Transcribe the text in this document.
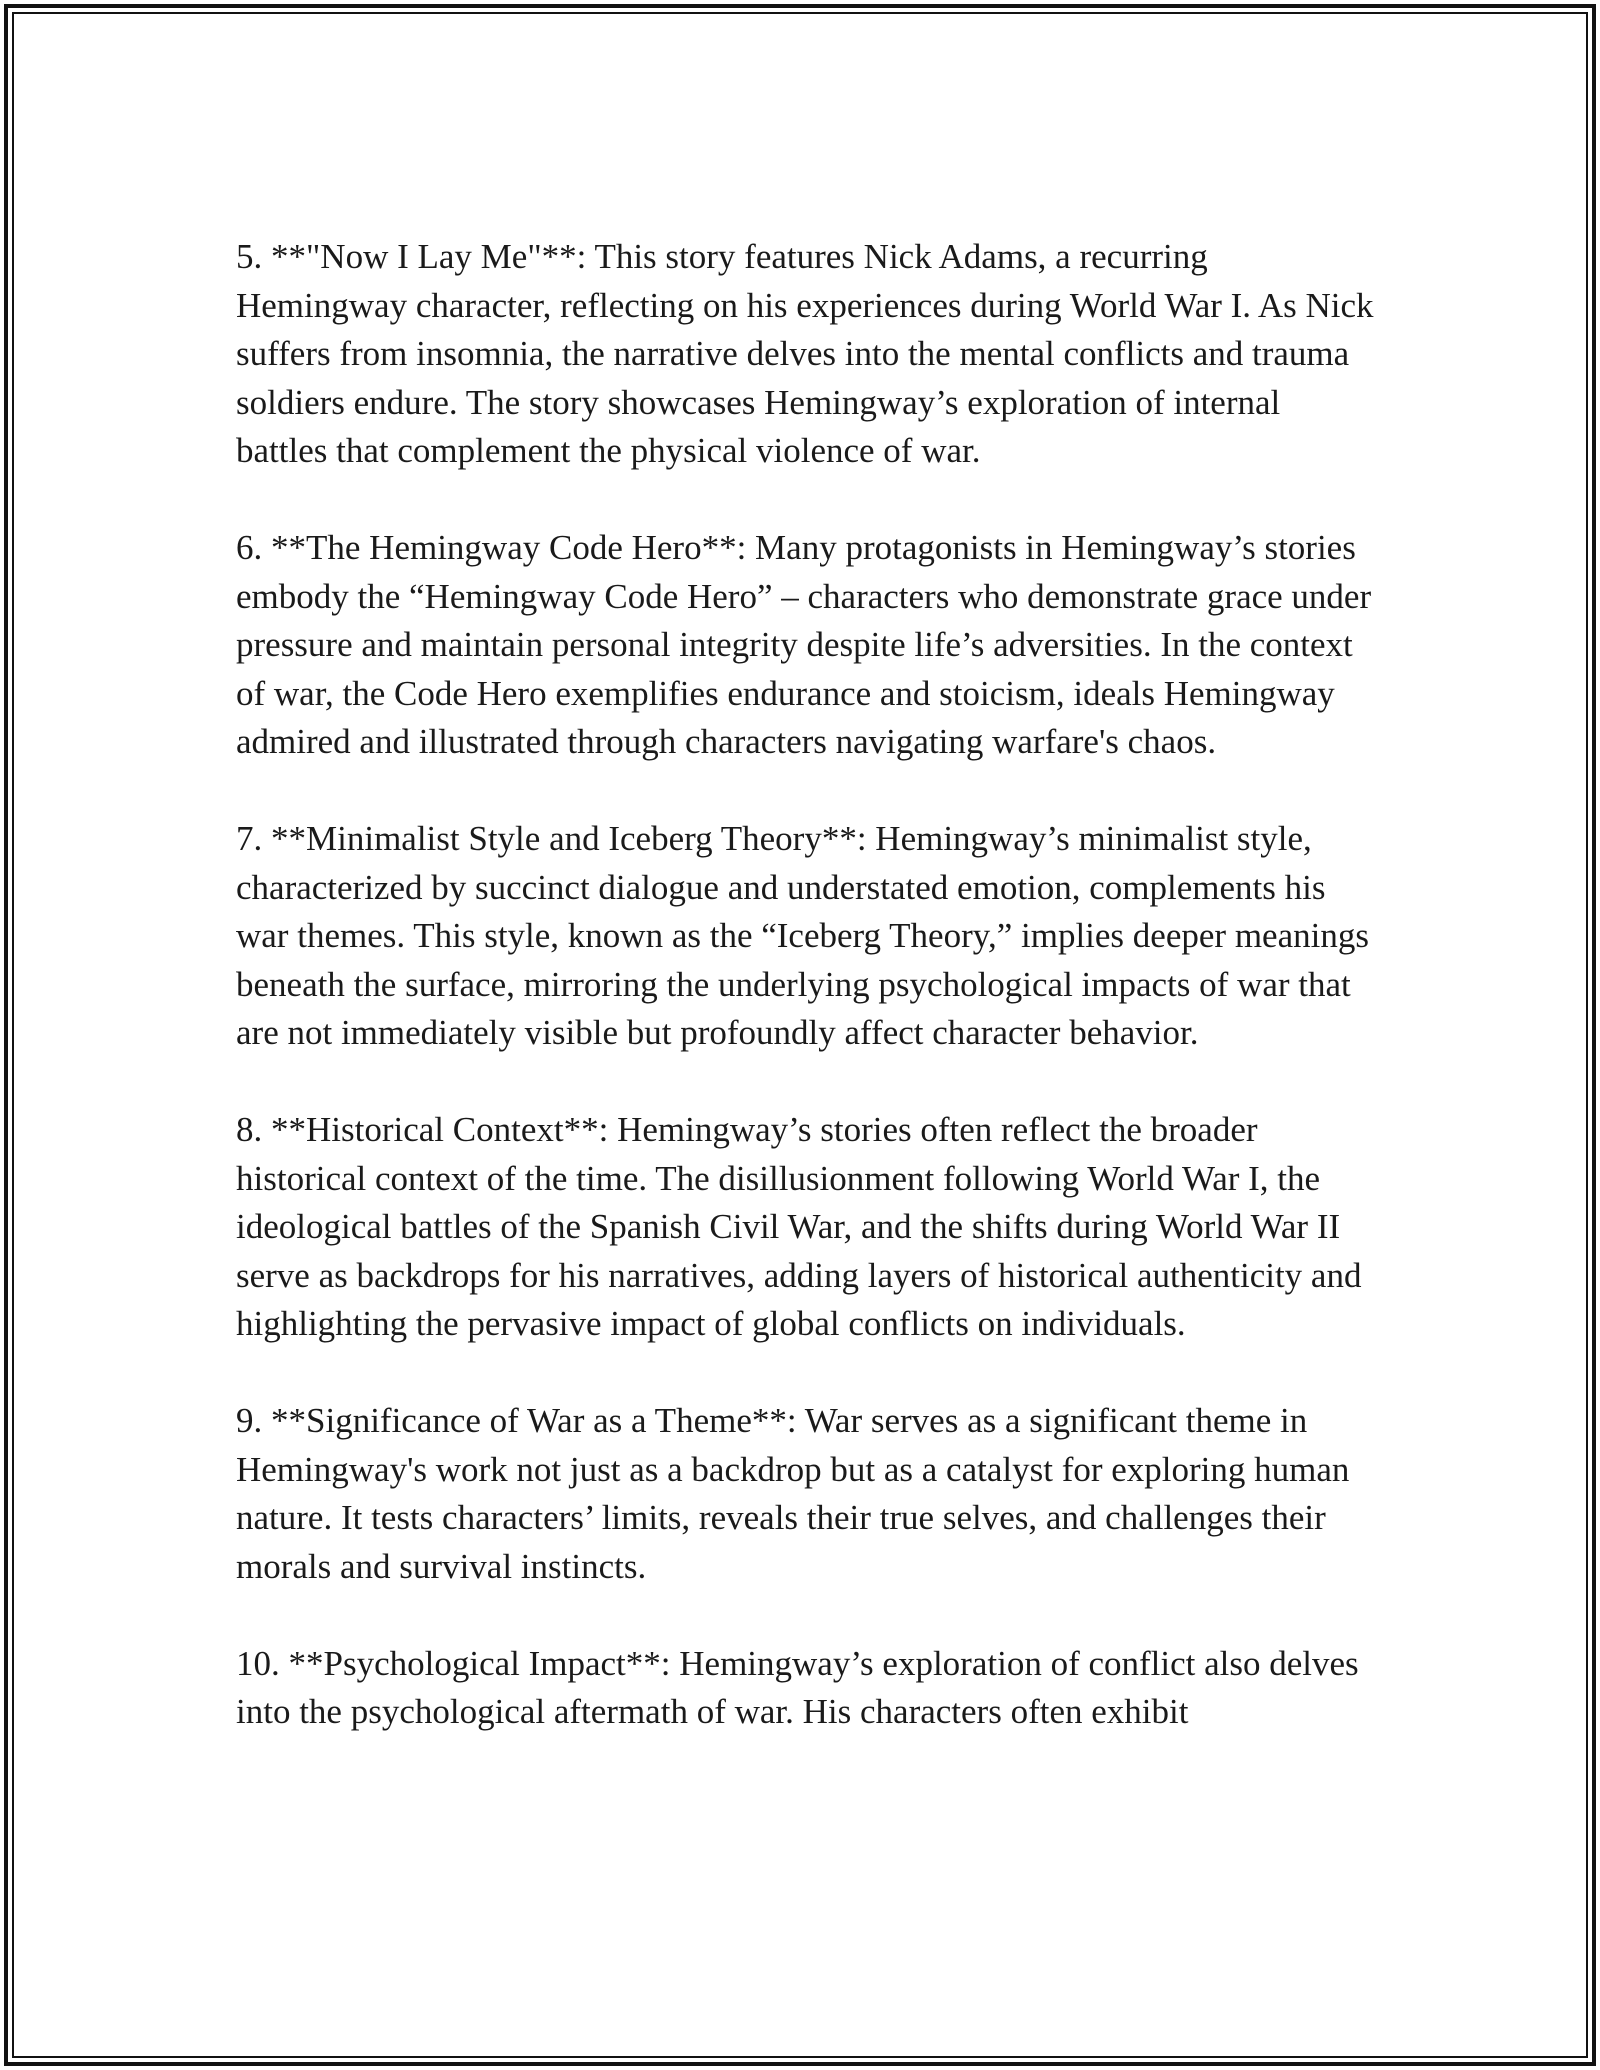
5. **"Now I Lay Me"**: This story features Nick Adams, a recurring Hemingway character, reflecting on his experiences during World War I. As Nick suffers from insomnia, the narrative delves into the mental conflicts and trauma soldiers endure. The story showcases Hemingway’s exploration of internal battles that complement the physical violence of war.

6. **The Hemingway Code Hero**: Many protagonists in Hemingway’s stories embody the “Hemingway Code Hero” – characters who demonstrate grace under pressure and maintain personal integrity despite life’s adversities. In the context of war, the Code Hero exemplifies endurance and stoicism, ideals Hemingway admired and illustrated through characters navigating warfare's chaos.

7. **Minimalist Style and Iceberg Theory**: Hemingway’s minimalist style, characterized by succinct dialogue and understated emotion, complements his war themes. This style, known as the “Iceberg Theory,” implies deeper meanings beneath the surface, mirroring the underlying psychological impacts of war that are not immediately visible but profoundly affect character behavior.

8. **Historical Context**: Hemingway’s stories often reflect the broader historical context of the time. The disillusionment following World War I, the ideological battles of the Spanish Civil War, and the shifts during World War II serve as backdrops for his narratives, adding layers of historical authenticity and highlighting the pervasive impact of global conflicts on individuals.

9. **Significance of War as a Theme**: War serves as a significant theme in Hemingway's work not just as a backdrop but as a catalyst for exploring human nature. It tests characters’ limits, reveals their true selves, and challenges their morals and survival instincts.

10. **Psychological Impact**: Hemingway’s exploration of conflict also delves into the psychological aftermath of war. His characters often exhibit
